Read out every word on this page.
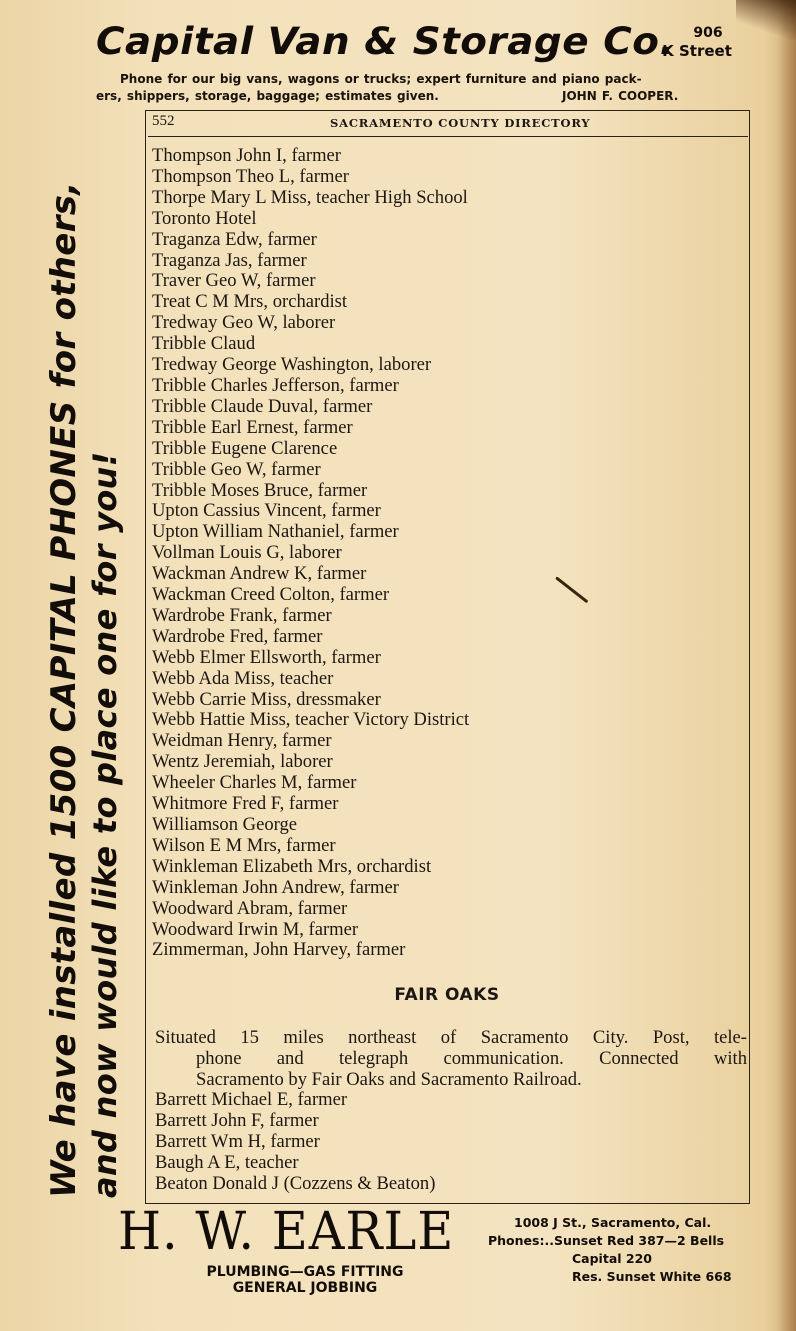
Capital Van & Storage Co.	906
K Street
Phone for our big vans, wagons or trucks; expert furniture and piano pack-
ers, shippers, storage, baggage; estimates given.	JOHN F. COOPER.
We have installed 1500 CAPITAL PHONES for others, and now would like to place one for you!
552	SACRAMENTO COUNTY DIRECTORY
Thompson John I, farmer
Thompson Theo L, farmer
Thorpe Mary L Miss, teacher High School
Toronto Hotel
Traganza Edw, farmer
Traganza Jas, farmer
Traver Geo W, farmer
Treat C M Mrs, orchardist
Tredway Geo W, laborer
Tribble Claud
Tredway George Washington, laborer
Tribble Charles Jefferson, farmer
Tribble Claude Duval, farmer
Tribble Earl Ernest, farmer
Tribble Eugene Clarence
Tribble Geo W, farmer
Tribble Moses Bruce, farmer
Upton Cassius Vincent, farmer
Upton William Nathaniel, farmer
Vollman Louis G, laborer
Wackman Andrew K, farmer
Wackman Creed Colton, farmer
Wardrobe Frank, farmer
Wardrobe Fred, farmer
Webb Elmer Ellsworth, farmer
Webb Ada Miss, teacher
Webb Carrie Miss, dressmaker
Webb Hattie Miss, teacher Victory District
Weidman Henry, farmer
Wentz Jeremiah, laborer
Wheeler Charles M, farmer
Whitmore Fred F, farmer
Williamson George
Wilson E M Mrs, farmer
Winkleman Elizabeth Mrs, orchardist
Winkleman John Andrew, farmer
Woodward Abram, farmer
Woodward Irwin M, farmer
Zimmerman, John Harvey, farmer
FAIR OAKS
Situated 15 miles northeast of Sacramento City. Post, tele-
phone and telegraph communication. Connected with
Sacramento by Fair Oaks and Sacramento Railroad.
Barrett Michael E, farmer
Barrett John F, farmer
Barrett Wm H, farmer
Baugh A E, teacher
Beaton Donald J (Cozzens & Beaton)
H. W. EARLE
PLUMBING—GAS FITTING
GENERAL JOBBING
1008 J St., Sacramento, Cal.
Phones:..Sunset Red 387—2 Bells
Capital 220
Res. Sunset White 668
